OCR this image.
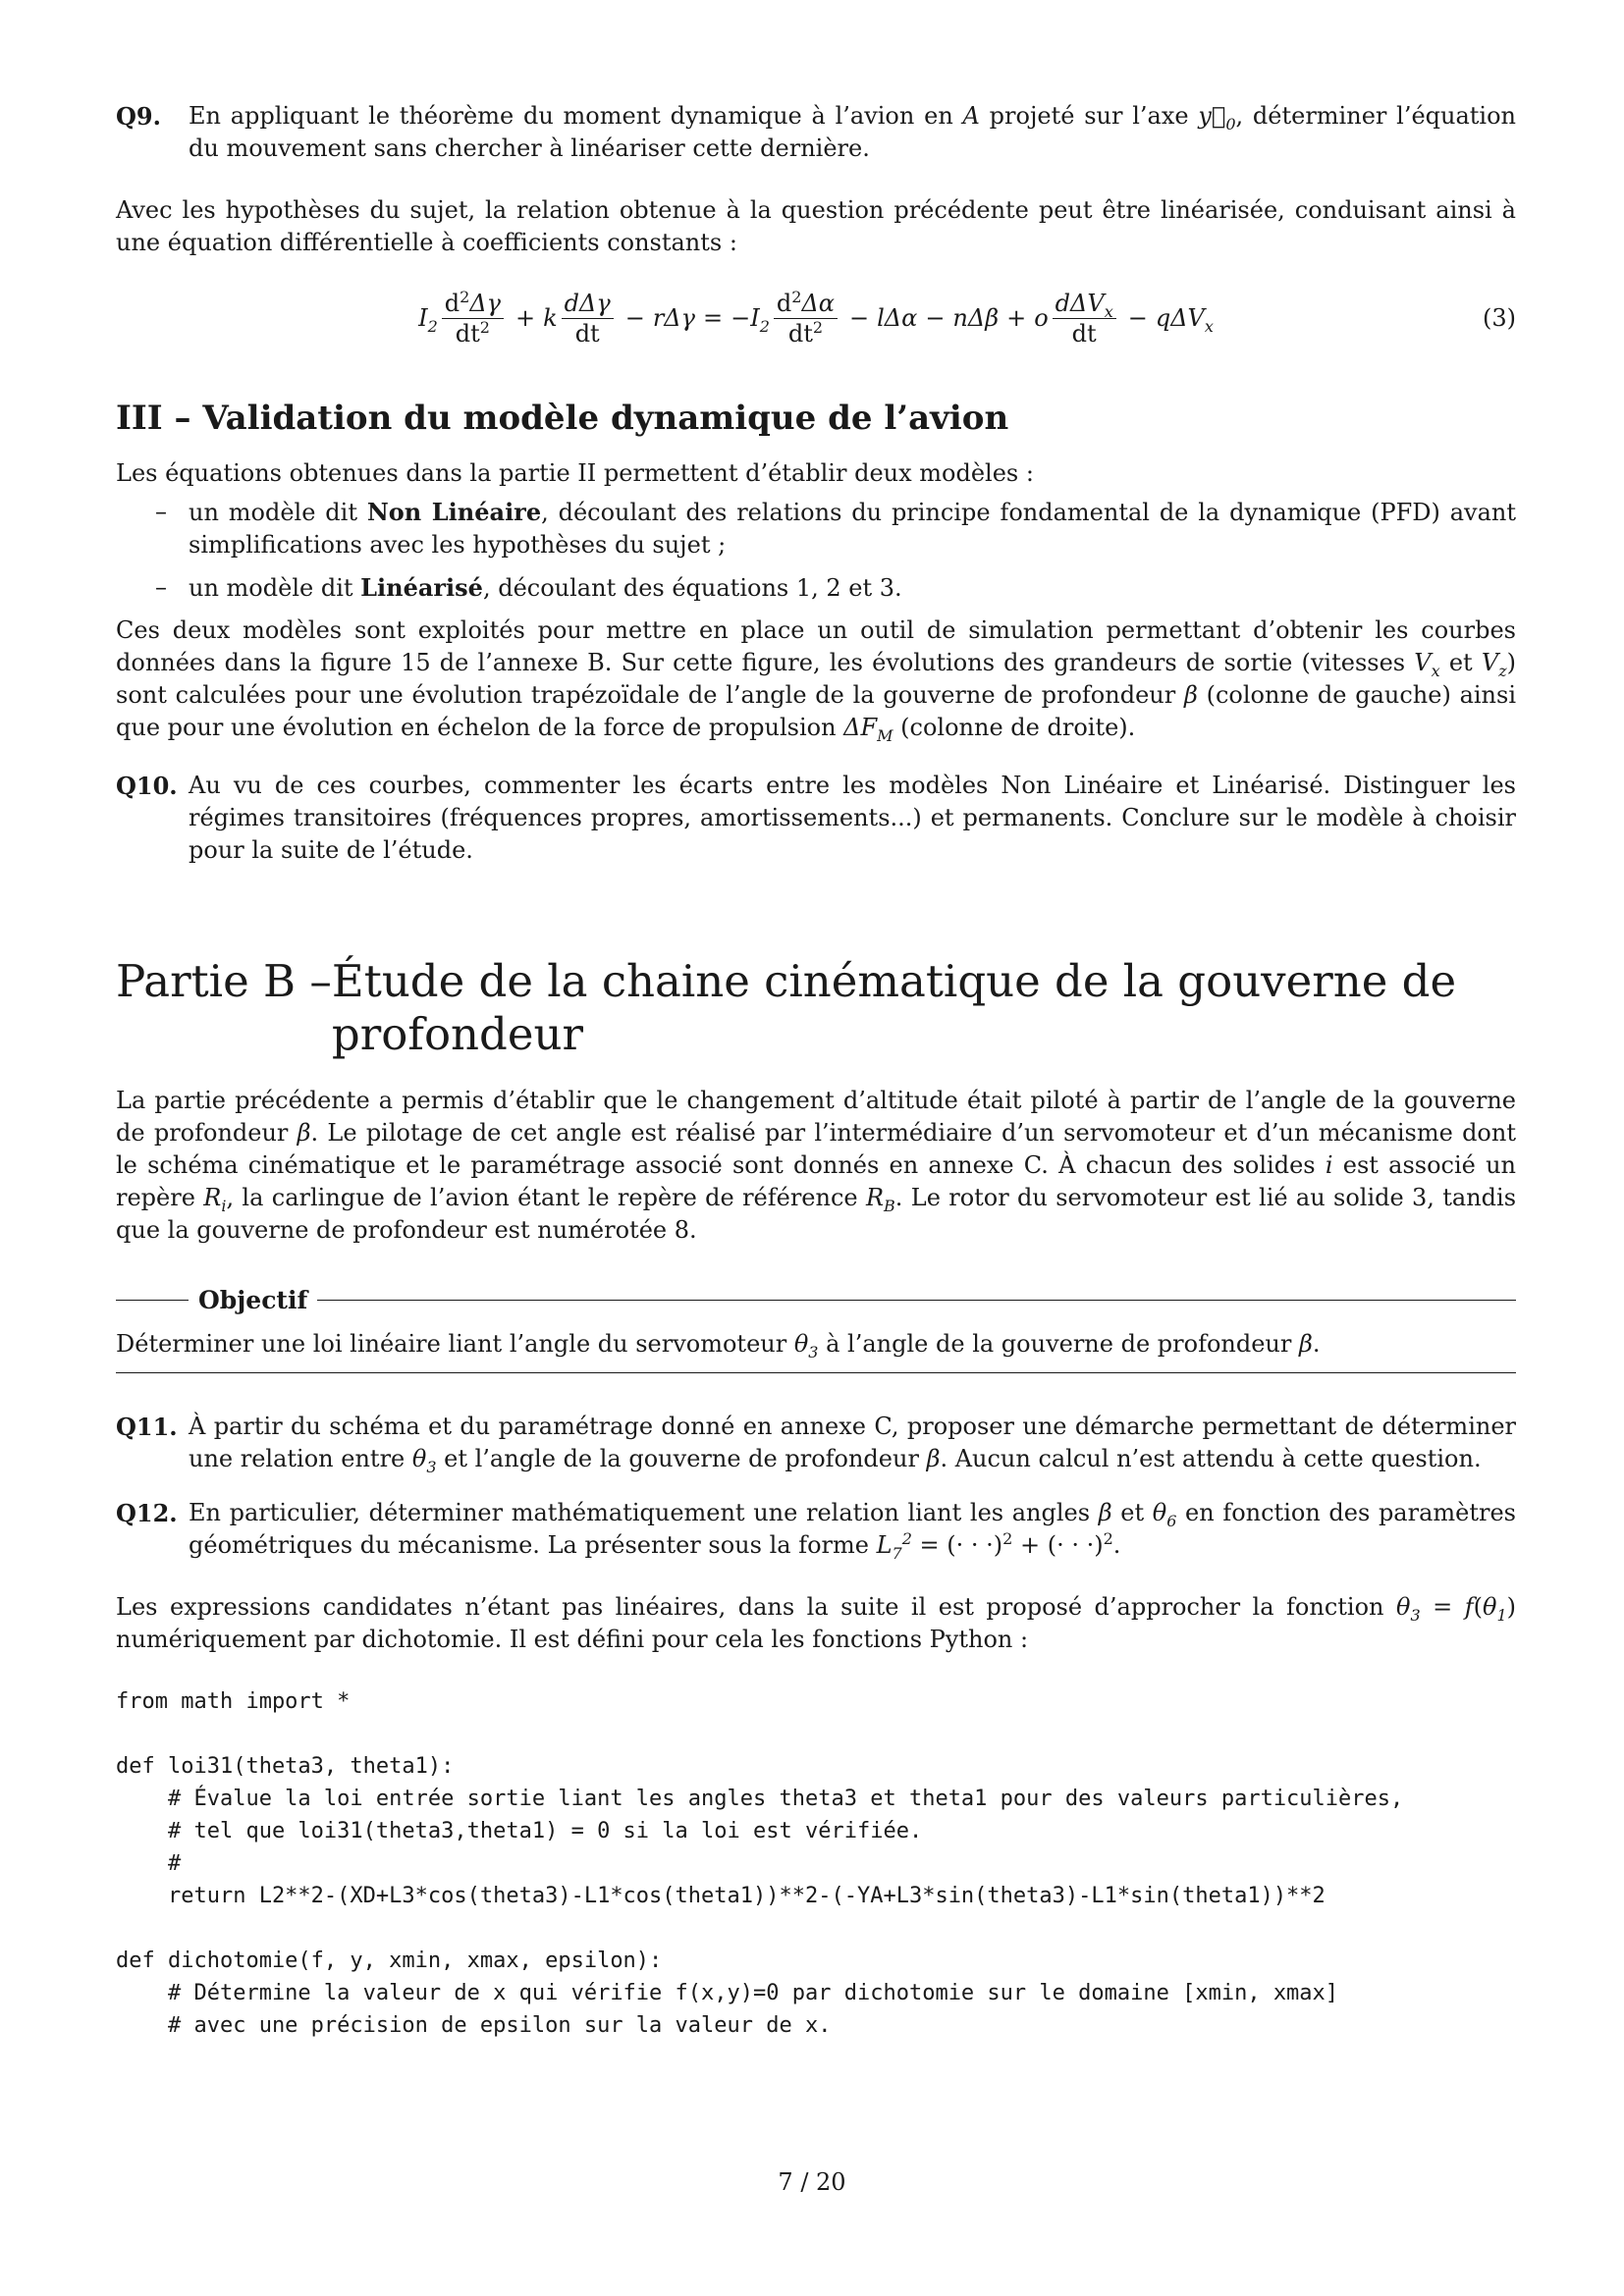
Q9.	En appliquant le théorème du moment dynamique à l’avion en A projeté sur l’axe $y⃗_0$, déterminer l’équation du mouvement sans chercher à linéariser cette dernière.

Avec les hypothèses du sujet, la relation obtenue à la question précédente peut être linéarisée, conduisant ainsi à une équation différentielle à coefficients constants :

$I_2 \frac{d^2\Delta\gamma}{dt^2} + k \frac{\text{dΔγ}}{dt} - r\Delta\gamma = -I_2 \frac{d^2\Delta\alpha}{dt^2} - l\Delta\alpha - n\Delta\beta + o \frac{d\Delta V_x}{dt} - q\Delta V_x$	(3)
III – Validation du modèle dynamique de l’avion

Les équations obtenues dans la partie II permettent d’établir deux modèles :

– un modèle dit Non Linéaire, découlant des relations du principe fondamental de la dynamique (PFD) avant simplifications avec les hypothèses du sujet ;
– un modèle dit Linéarisé, découlant des équations 1, 2 et 3.

Ces deux modèles sont exploités pour mettre en place un outil de simulation permettant d’obtenir les courbes données dans la figure 15 de l’annexe B. Sur cette figure, les évolutions des grandeurs de sortie (vitesses $V_x$ et $V_z$) sont calculées pour une évolution trapézoïdale de l’angle de la gouverne de profondeur β (colonne de gauche) ainsi que pour une évolution en échelon de la force de propulsion $\Delta F_M$ (colonne de droite).

Q10. Au vu de ces courbes, commenter les écarts entre les modèles Non Linéaire et Linéarisé. Distinguer les régimes transitoires (fréquences propres, amortissements...) et permanents. Conclure sur le modèle à choisir pour la suite de l’étude.
Partie B – Étude de la chaine cinématique de la gouverne de profondeur

La partie précédente a permis d’établir que le changement d’altitude était piloté à partir de l’angle de la gouverne de profondeur β. Le pilotage de cet angle est réalisé par l’intermédiaire d’un servomoteur et d’un mécanisme dont le schéma cinématique et le paramétrage associé sont donnés en annexe C. À chacun des solides i est associé un repère $R_i$, la carlingue de l’avion étant le repère de référence $R_B$. Le rotor du servomoteur est lié au solide 3, tandis que la gouverne de profondeur est numérotée 8.

Objectif

Déterminer une loi linéaire liant l’angle du servomoteur $\theta_3$ à l’angle de la gouverne de profondeur β.

Q11. À partir du schéma et du paramétrage donné en annexe C, proposer une démarche permettant de déterminer une relation entre $\theta_3$ et l’angle de la gouverne de profondeur β. Aucun calcul n’est attendu à cette question.
Q12. En particulier, déterminer mathématiquement une relation liant les angles β et $\theta_6$ en fonction des paramètres géométriques du mécanisme. La présenter sous la forme $L_7^2$ = (· · ·)$^2$ + (· · ·)$^2$.

Les expressions candidates n’étant pas linéaires, dans la suite il est proposé d’approcher la fonction $\theta_3 = f(\theta_1)$ numériquement par dichotomie. Il est défini pour cela les fonctions Python :

from math import *
def loi31(theta3, theta1):
# Évalue la loi entrée sortie liant les angles theta3 et theta1 pour des valeurs particulières,
# tel que loi31(theta3,theta1) = 0 si la loi est vérifiée.
#
return L2**2-(XD+L3*cos(theta3)-L1*cos(theta1))**2-(-YA+L3*sin(theta3)-L1*sin(theta1))**2
def dichotomie(f, y, xmin, xmax, epsilon):
# Détermine la valeur de x qui vérifie f(x,y)=0 par dichotomie sur le domaine [xmin, xmax]
# avec une précision de epsilon sur la valeur de x.
7 / 20
